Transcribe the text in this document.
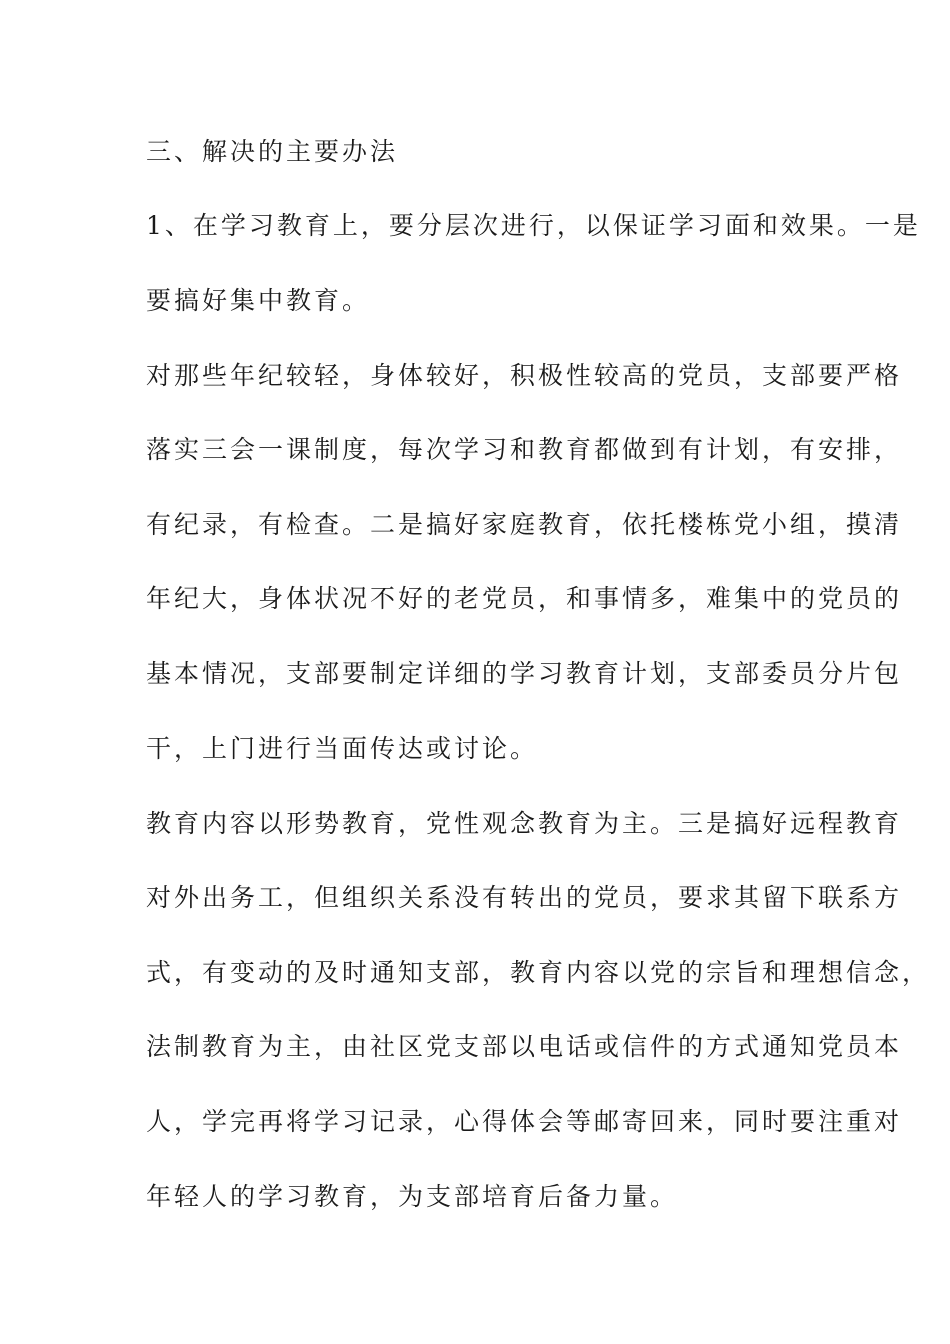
三、解决的主要办法
1、在学习教育上，要分层次进行，以保证学习面和效果。一是
要搞好集中教育。
对那些年纪较轻，身体较好，积极性较高的党员，支部要严格
落实三会一课制度，每次学习和教育都做到有计划，有安排，
有纪录，有检查。二是搞好家庭教育，依托楼栋党小组，摸清
年纪大，身体状况不好的老党员，和事情多，难集中的党员的
基本情况，支部要制定详细的学习教育计划，支部委员分片包
干，上门进行当面传达或讨论。
教育内容以形势教育，党性观念教育为主。三是搞好远程教育
对外出务工，但组织关系没有转出的党员，要求其留下联系方
式，有变动的及时通知支部，教育内容以党的宗旨和理想信念，
法制教育为主，由社区党支部以电话或信件的方式通知党员本
人，学完再将学习记录，心得体会等邮寄回来，同时要注重对
年轻人的学习教育，为支部培育后备力量。
